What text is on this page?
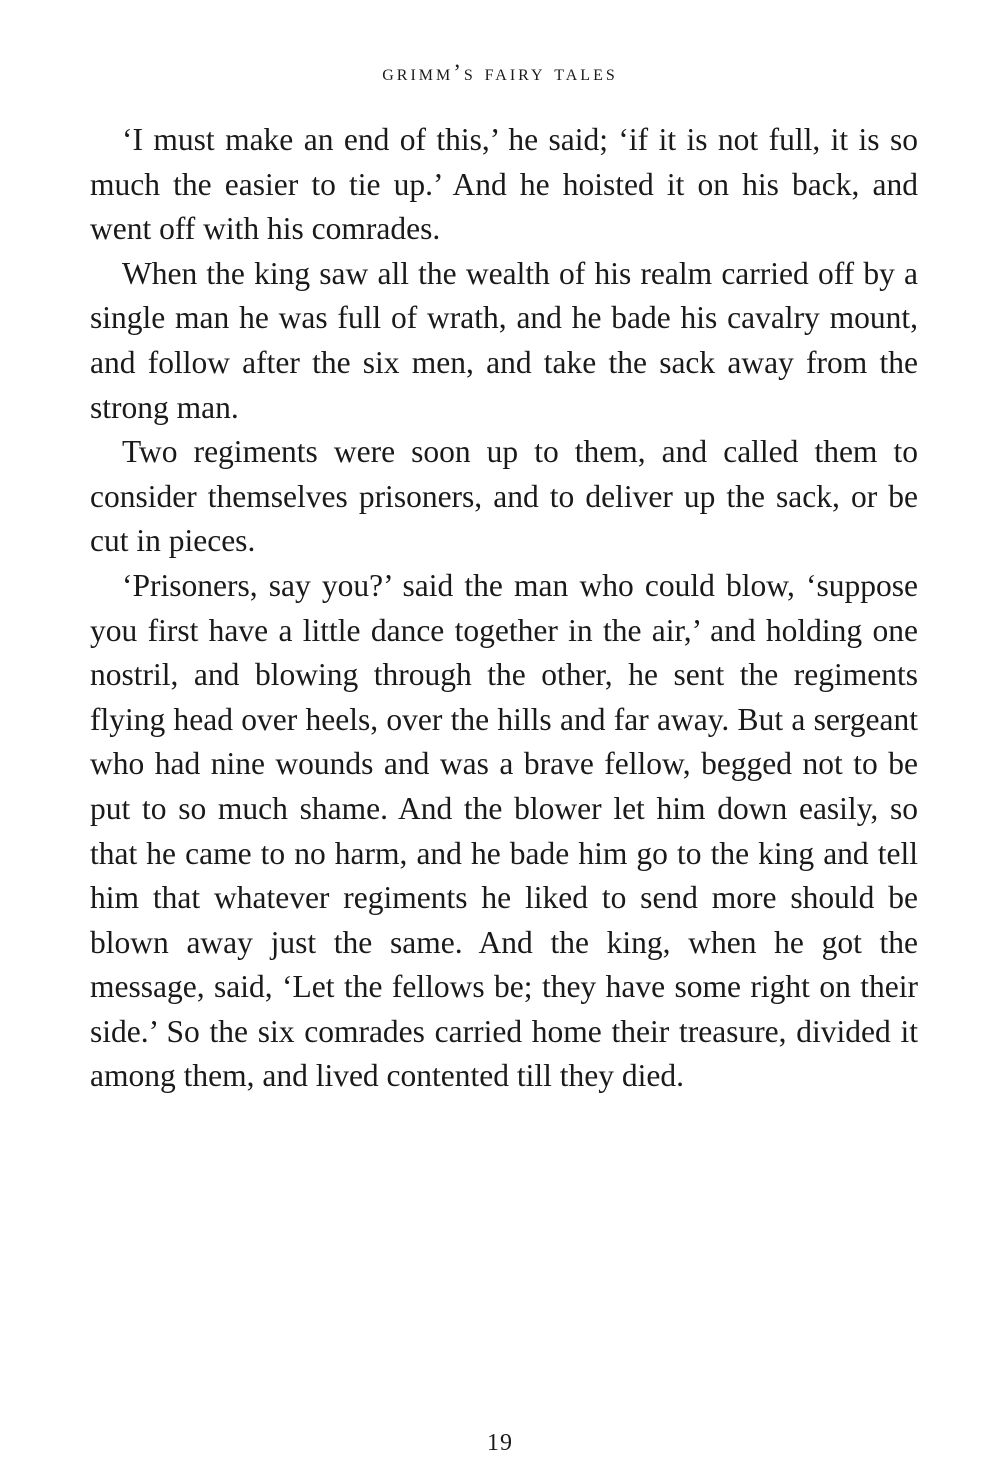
grimm’s fairy tales

‘I must make an end of this,’ he said; ‘if it is not full, it is so much the easier to tie up.’ And he hoisted it on his back, and went off with his comrades.

When the king saw all the wealth of his realm carried off by a single man he was full of wrath, and he bade his cavalry mount, and follow after the six men, and take the sack away from the strong man.

Two regiments were soon up to them, and called them to consider themselves prisoners, and to deliver up the sack, or be cut in pieces.

‘Prisoners, say you?’ said the man who could blow, ‘suppose you first have a little dance together in the air,’ and holding one nostril, and blowing through the other, he sent the regiments flying head over heels, over the hills and far away. But a sergeant who had nine wounds and was a brave fellow, begged not to be put to so much shame. And the blower let him down easily, so that he came to no harm, and he bade him go to the king and tell him that whatever regiments he liked to send more should be blown away just the same. And the king, when he got the message, said, ‘Let the fellows be; they have some right on their side.’ So the six comrades carried home their treasure, divided it among them, and lived contented till they died.

19
